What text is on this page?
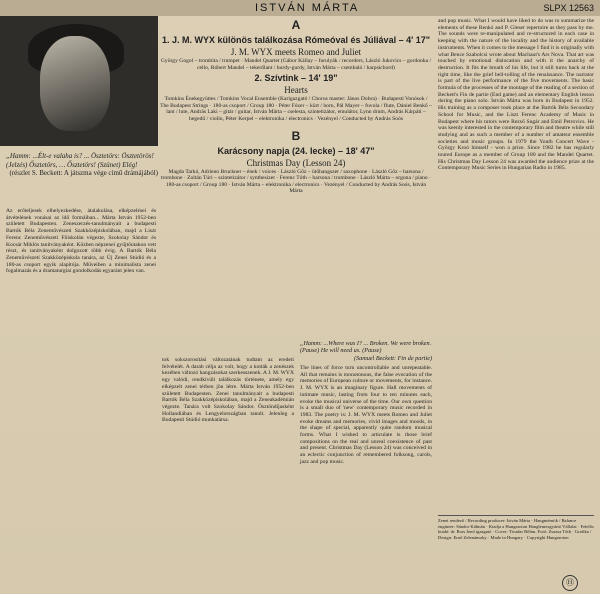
ISTVÁN MÁRTA	SLPX 12563
„Hamm: ...Élt-e valaha is? ... Ösztetörs: Ösztetörös! (Jelzés) Ősztetörs, … Ősztetörs! (Szünet) Elég!
(részlet S. Beckett: A játszma vége című drámájából)
Az erőteljesek elhelyezkedése, átalakulása, elképzelései és átvételének vonásai az idő formáiban... Márta István 1952-ben született Budapesten. Zeneszerzés-tanulmányait a budapesti Bartók Béla Zeneművészeti Szakközépiskolában, majd a Liszt Ferenc Zeneművészeti Főiskolán végezte, Szokolay Sándor és Kocsár Miklós tanítványaként. Közben népzenei gyűjtőutakon vett részt, és tanítványaként dolgozott több évig. A Bartók Béla Zeneművészeti Szakközépiskola tanára, az Új Zenei Stúdió és a 180-as csoport egyik alapítója. Műveiben a minimalista zenei fogalmazás és a dramaturgiai gondolkodás egyaránt jelen van.
A
1. J. M. WYX különös találkozása Rómeóval és Júliával – 4' 17"
J. M. WYX meets Romeo and Juliet
György Gogol – trombita / trumpet · Mandel Quartet (Gábor Kállay – furulyák / recorders, László Jukovics – gordonka / cello, Róbert Mandel – tekerőlant / hurdy-gurdy, István Márta – csembaló / harpsichord)
2. Szívtink – 14' 19"
Hearts
Tomkins Énekegyüttes / Tomkins Vocal Ensemble (Karigazgató / Chorus master: János Dobra) · Budapesti Vonósok / The Budapest Strings · 180-as csoport / Group 180 · Péter Fózer – kürt / horn, Pál Mayer – fuvola / flute, Dániel Benkő – lant / lute, András Laki – gitár / guitar, István Márta – cselesta, szintetizátor, emulátor, Lynn drum, András Kárpáti – hegedű / violin, Péter Kerpel – elektronika / electronics · Vezényel / Conducted by András Soós
B
Karácsony napja (24. lecke) – 18' 47"
Christmas Day (Lesson 24)
Magda Tarkó, Adrienn Bruckner – ének / voices · László Gőz – ütőhangszer / saxophone · László Gőz – harsona / trombone · Zoltán Túri – szintetizátor / synthesizer · Ferenc Tóth – harsona / trombone · László Márta – orgona / piano · 180-as csoport / Group 180 · István Márta – elektronika / electronics · Vezényel / Conducted by András Soós, István Márta
tok sokszorosítási változatának tudtam az eredeti felvételét. A darab célja az volt, hogy a kották a zenészek kezében változó hangzásokat szerkesszenek. A J. M. WYX egy valódi, rendkívüli találkozás története, amely egy elképzelt zenei térben jön létre. Márta István 1952-ben született Budapesten. Zenei tanulmányait a budapesti Bartók Béla Szakközépiskolában, majd a Zeneakadémián végezte. Tanára volt Szokolay Sándor. Ösztöndíjasként Hollandiában és Lengyelországban tanult. Jelenleg a Budapesti Stúdió munkatársa.
„Hamm: ...Where was I? ... Broken. We were broken. (Pause) He will need us. (Pause)
(Samuel Beckett: Fin de partie)
The lines of force turn uncontrollable and unrepeatable. All that remains is monotonous, the false evocation of the memories of European culture or movements, for instance. J. M. WYX is an imaginary figure. Hall movements of intimate music, lasting from four to ten minutes each, evoke the musical universe of the time. Our own question is a small duo of 'new' contemporary music recorded in 1983. The poetry is: J. M. WYX meets Romeo and Juliet evoke dreams and memories, vivid images and moods, in the shape of special, apparently quite random musical forms. What I wished to articulate is those brief compositions on the real and unreal coexistence of past and present. Christmas Day (Lesson 24) was conceived in an eclectic conjunction of remembered folksong, carols, jazz and pop music.
and pop music. What I would have liked to do was to summarize the elements of these Renkó and P. Gleser repertoire as they pass by me. The sounds were re-manipulated and re-structured in each case in keeping with the nature of the locality and the history of available instruments. When it comes to the message I find it is originally with what Bence Szabolcsi wrote about Machaut's Ars Nova. That art was touched by emotional dislocation and with it the anarchy of destruction. It fits the breath of his life, but it still turns back at the right time, like the grief bell-tolling of the renaissance. The narrator is part of the live performance of the five movements. The basic formula of the processes of the montage of the reading of a section of Beckett's Fin de partie (End game) and an elementary English lesson during the piano solo. István Márta was born in Budapest in 1952. His training as a composer took place at the Bartók Béla Secondary School for Music, and the Liszt Ferenc Academy of Music in Budapest where his tutors were Rezső Sugár and Emil Petrovics. He was keenly interested in the contemporary film and theatre while still studying and as such a member of a number of amateur ensemble societies and music groups. In 1979 the Youth Concert Wave - György Kroó himself - won a prize. Since 1982 he has regularly toured Europe as a member of Group 180 and the Mandel Quartet. His Christmas Day Lesson 24 was awarded the audience prize at the Contemporary Music Series in Hungarian Radio in 1985.
Zenei rendező / Recording producer: István Márta · Hangmérnök / Balance engineer: Sándor Kálmán · Kiadja a Hungaroton Hanglemezgyártó Vállalat · Felelős kiadó: dr. Bors Jenő igazgató · Cover: Tivadar Bőhm, Fotó: Zsuzsa Tóth · Grafika / Design: Ernő Zelenánszky · Made in Hungary · Copyright Hungaroton
Ⓗ
